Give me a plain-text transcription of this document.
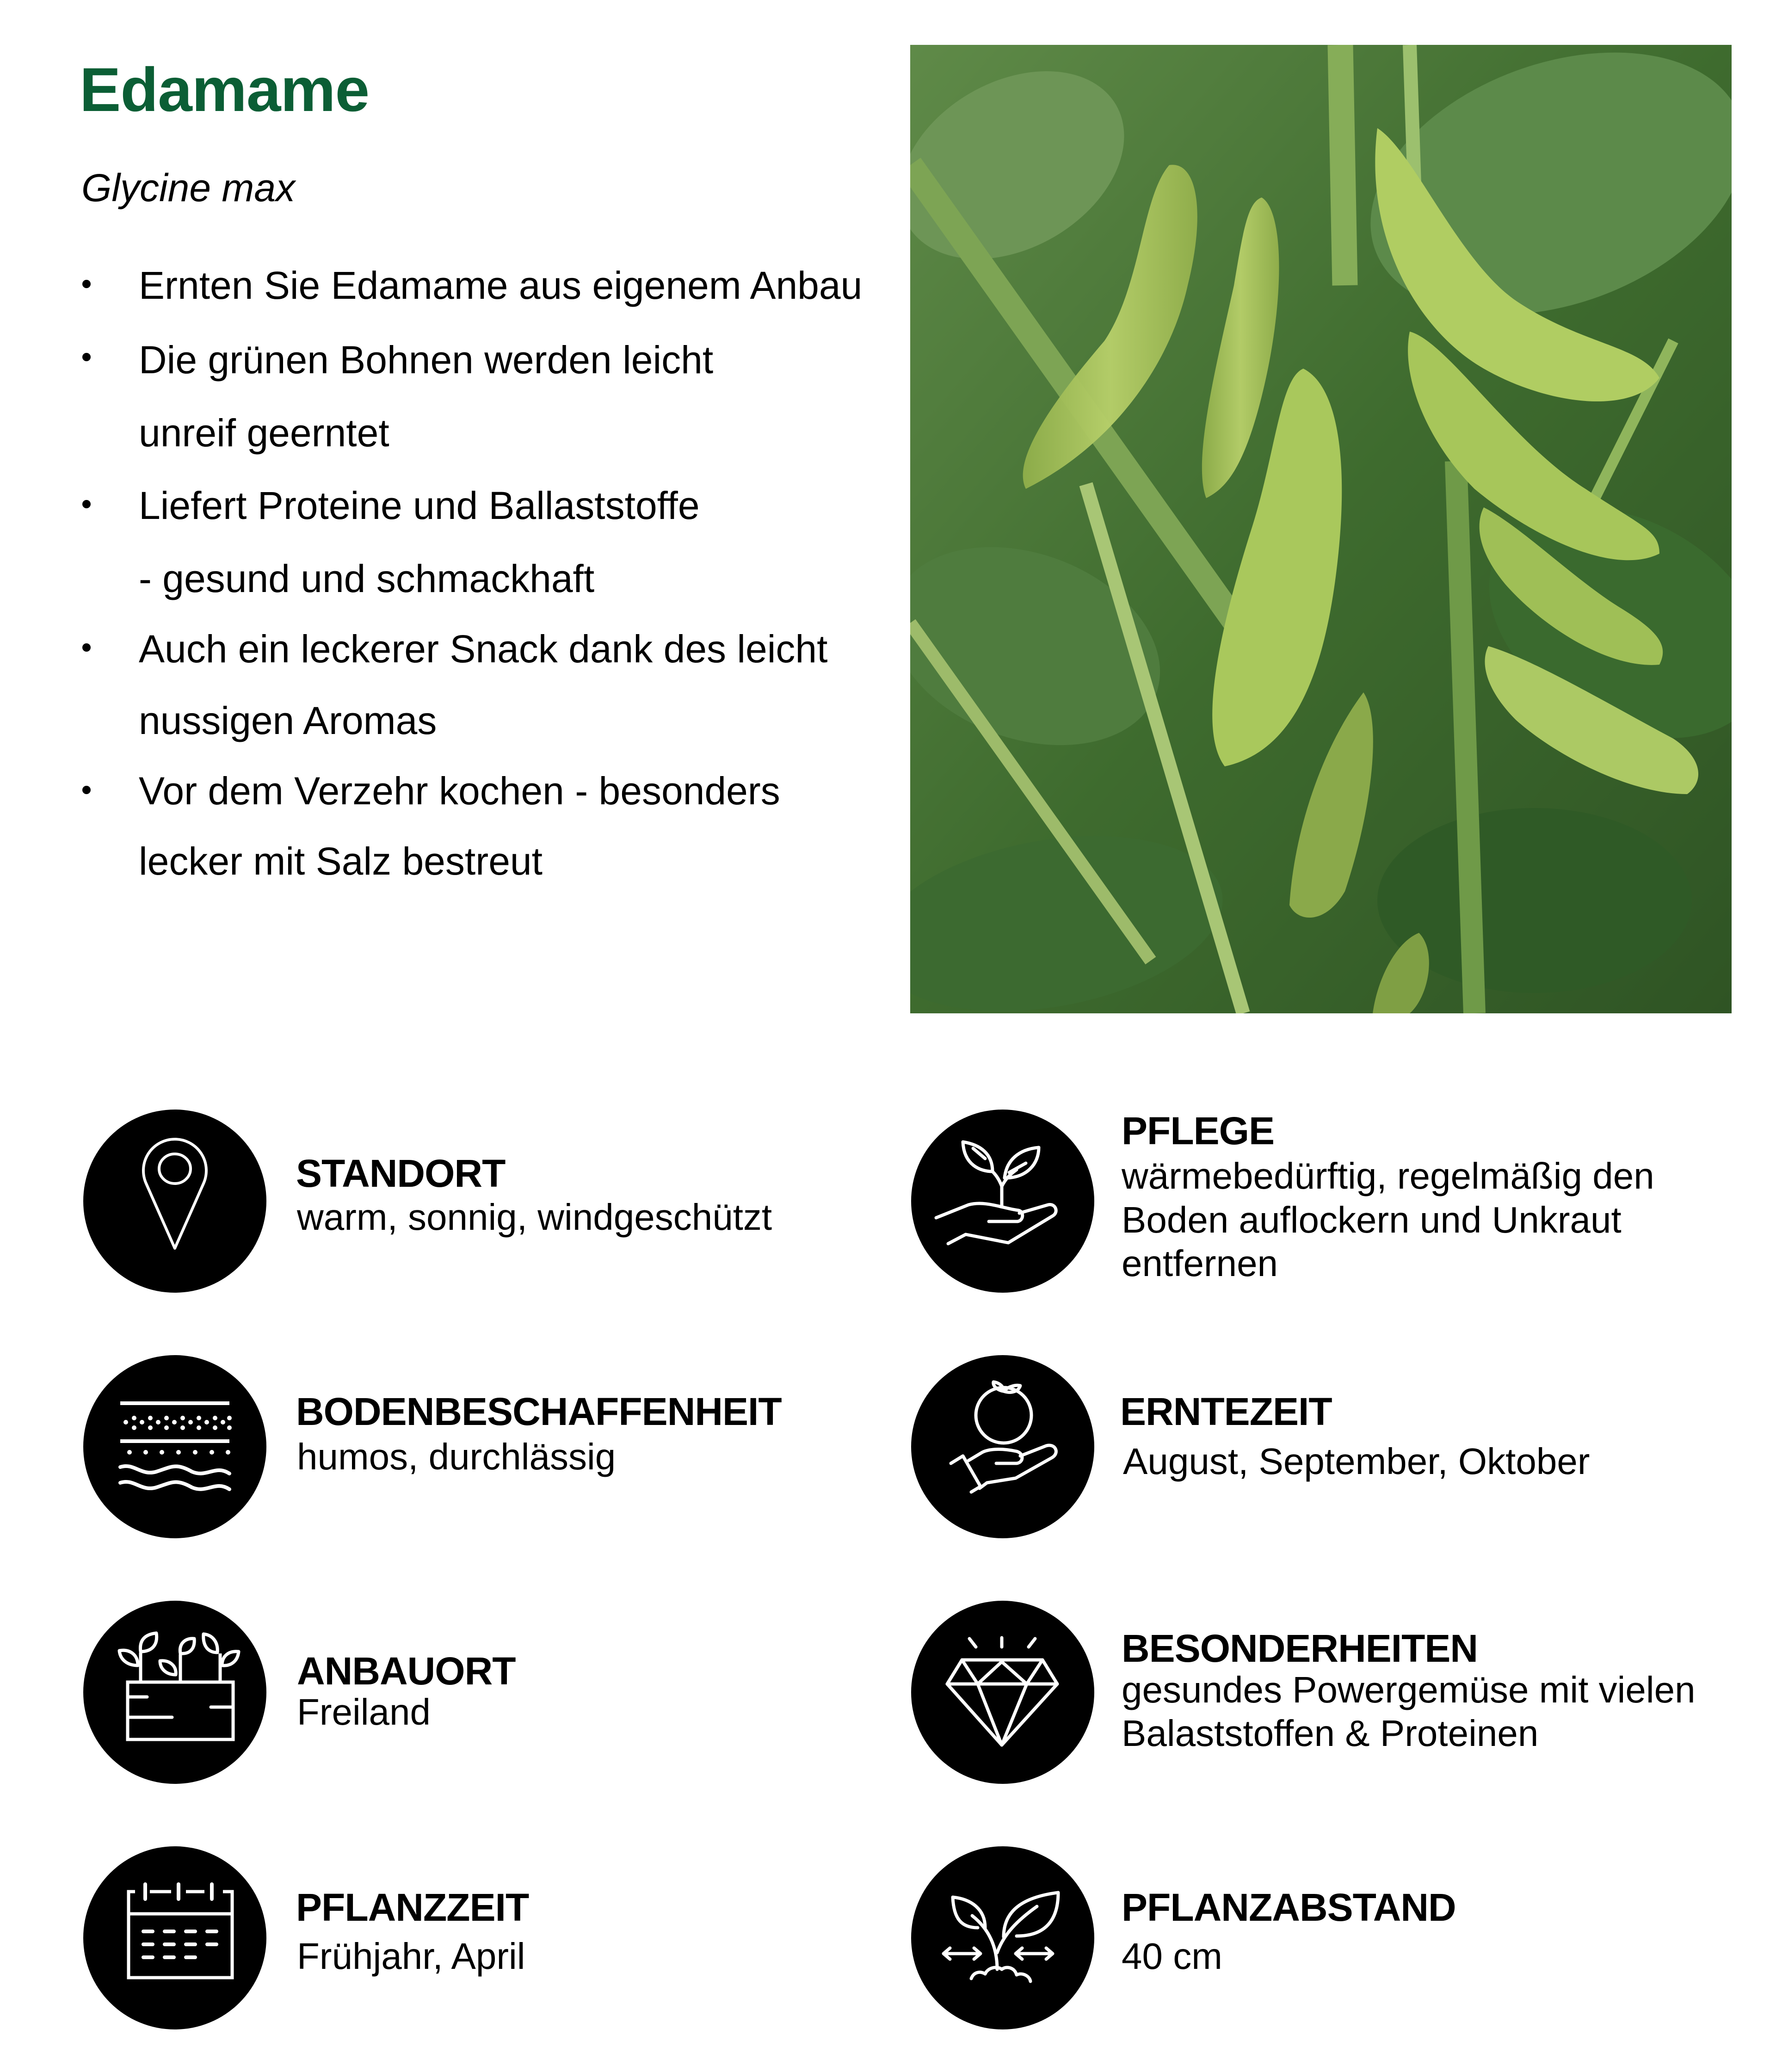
Edamame
Glycine max
Ernten Sie Edamame aus eigenem Anbau
Die grünen Bohnen werden leicht
unreif geerntet
Liefert Proteine und Ballaststoffe
- gesund und schmackhaft
Auch ein leckerer Snack dank des leicht
nussigen Aromas
Vor dem Verzehr kochen - besonders
lecker mit Salz bestreut
STANDORT
warm, sonnig, windgeschützt
BODENBESCHAFFENHEIT
humos, durchlässig
ANBAUORT
Freiland
PFLANZZEIT
Frühjahr, April
PFLEGE
wärmebedürftig, regelmäßig den
Boden auflockern und Unkraut
entfernen
ERNTEZEIT
August, September, Oktober
BESONDERHEITEN
gesundes Powergemüse mit vielen
Balaststoffen & Proteinen
PFLANZABSTAND
40 cm
